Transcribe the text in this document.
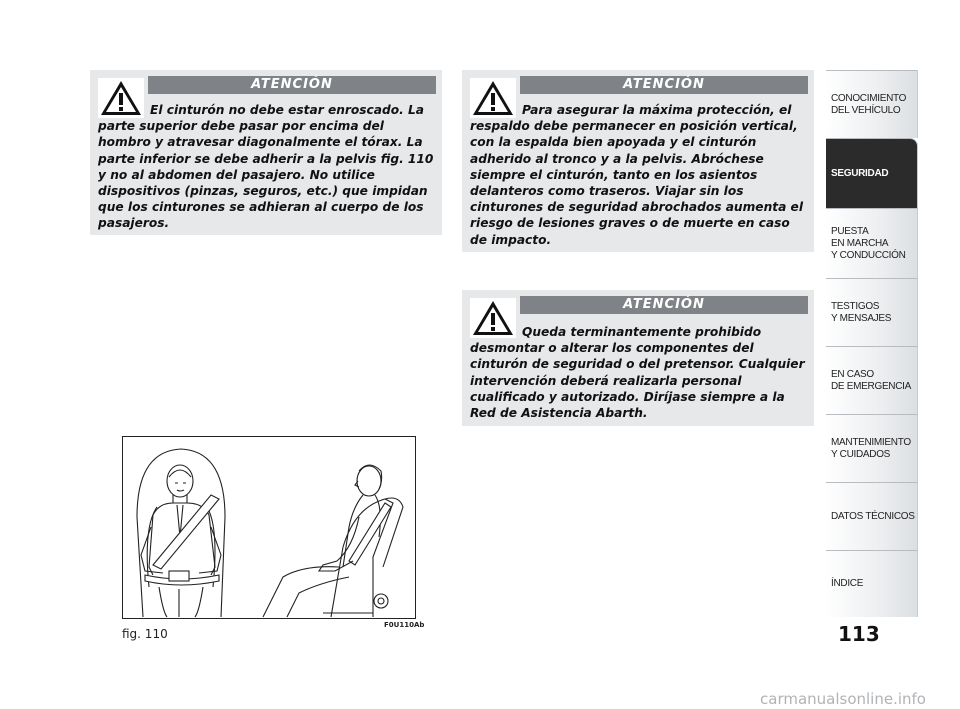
ATENCIÓN

El cinturón no debe estar enroscado. La parte superior debe pasar por encima del hombro y atravesar diagonalmente el tórax. La parte inferior se debe adherir a la pelvis fig. 110 y no al abdomen del pasajero. No utilice dispositivos (pinzas, seguros, etc.) que impidan que los cinturones se adhieran al cuerpo de los pasajeros.

ATENCIÓN

Para asegurar la máxima protección, el respaldo debe permanecer en posición vertical, con la espalda bien apoyada y el cinturón adherido al tronco y a la pelvis. Abróchese siempre el cinturón, tanto en los asientos delanteros como traseros. Viajar sin los cinturones de seguridad abrochados aumenta el riesgo de lesiones graves o de muerte en caso de impacto.

ATENCIÓN

Queda terminantemente prohibido desmontar o alterar los componentes del cinturón de seguridad o del pretensor. Cualquier intervención deberá realizarla personal cualificado y autorizado. Diríjase siempre a la Red de Asistencia Abarth.

fig. 110
F0U110Ab	113
CONOCIMIENTO
DEL VEHÍCULO
SEGURIDAD
PUESTA
EN MARCHA
Y CONDUCCIÓN
TESTIGOS
Y MENSAJES
EN CASO
DE EMERGENCIA
MANTENIMIENTO
Y CUIDADOS
DATOS TÉCNICOS
ÍNDICE
carmanualsonline.info
